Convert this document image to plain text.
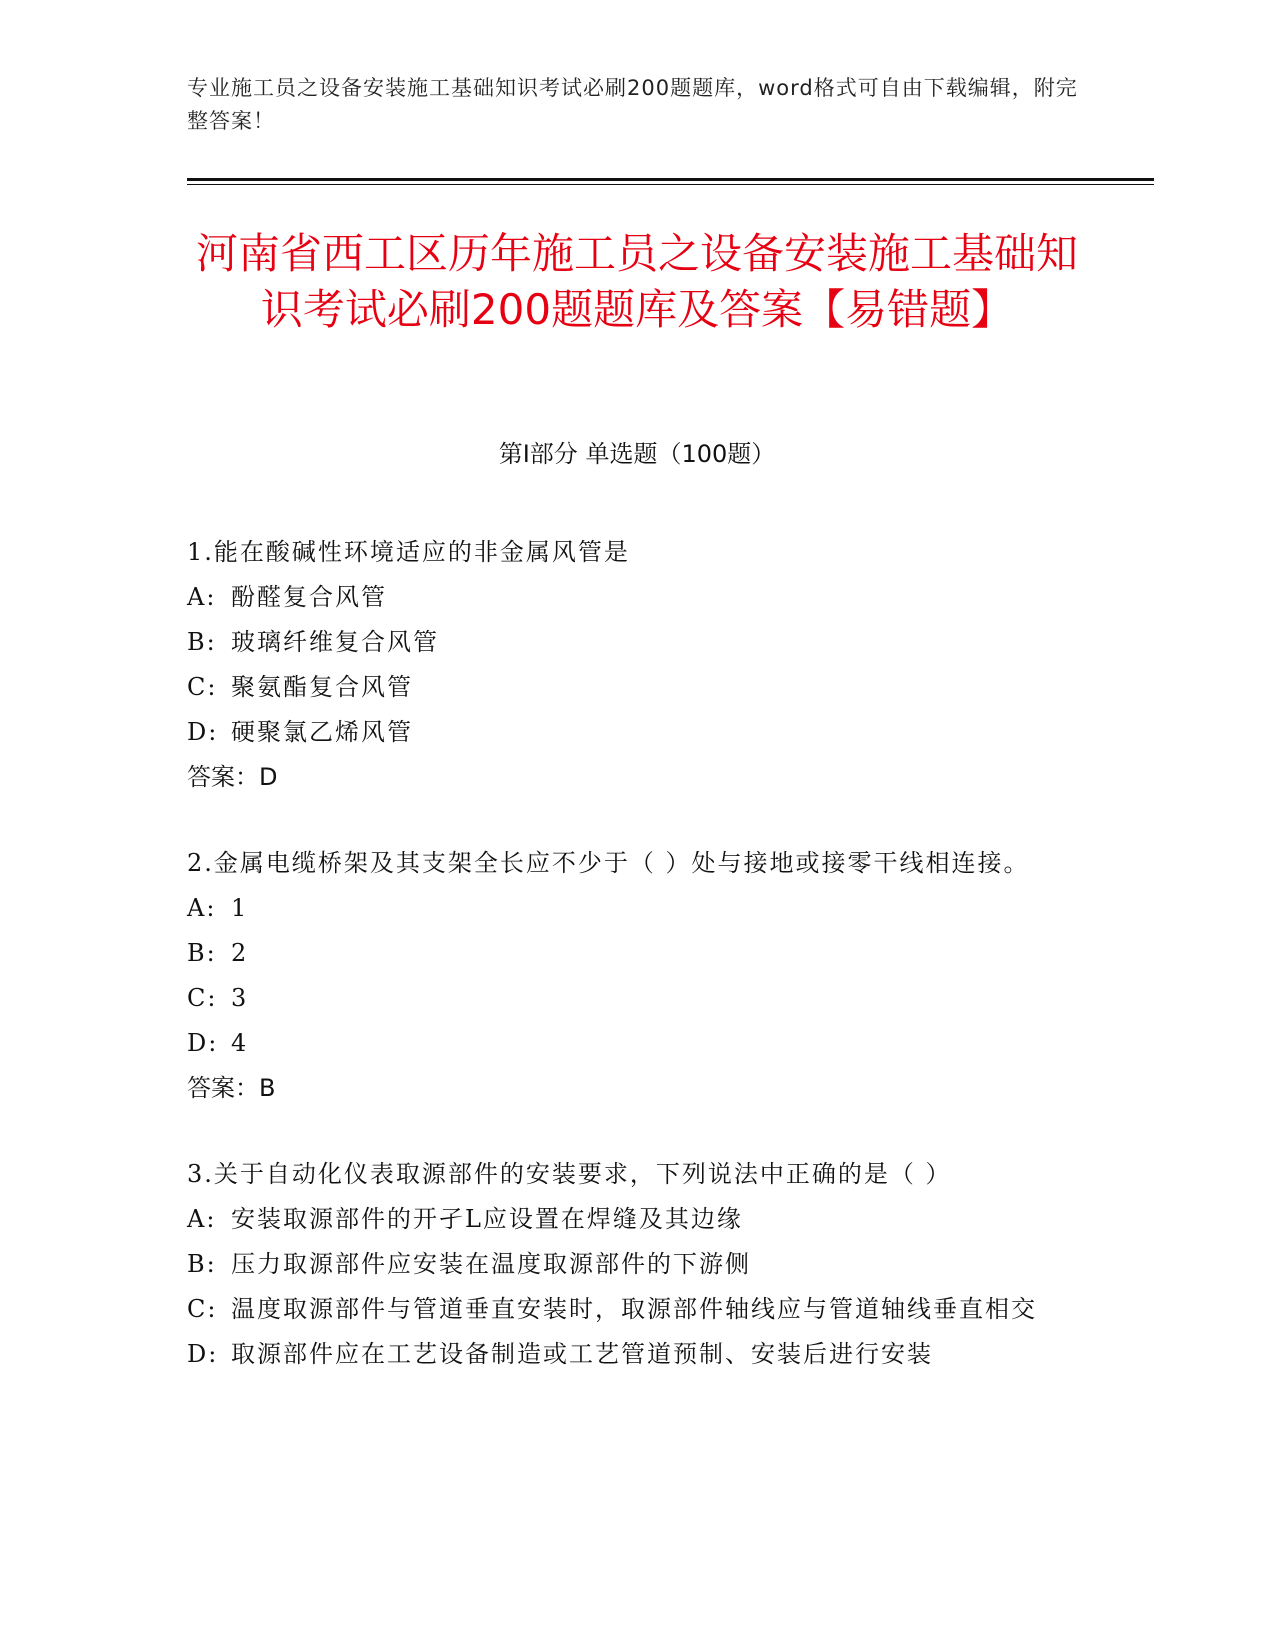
专业施工员之设备安装施工基础知识考试必刷200题题库，word格式可自由下载编辑，附完整答案！
河南省西工区历年施工员之设备安装施工基础知识考试必刷200题题库及答案【易错题】
第Ⅰ部分 单选题（100题）
1.能在酸碱性环境适应的非金属风管是
A: 酚醛复合风管
B: 玻璃纤维复合风管
C: 聚氨酯复合风管
D: 硬聚氯乙烯风管
答案：D
2.金属电缆桥架及其支架全长应不少于（ ）处与接地或接零干线相连接。
A: 1
B: 2
C: 3
D: 4
答案：B
3.关于自动化仪表取源部件的安装要求，下列说法中正确的是（ ）
A: 安装取源部件的开孑L应设置在焊缝及其边缘
B: 压力取源部件应安装在温度取源部件的下游侧
C: 温度取源部件与管道垂直安装时，取源部件轴线应与管道轴线垂直相交
D: 取源部件应在工艺设备制造或工艺管道预制、安装后进行安装
